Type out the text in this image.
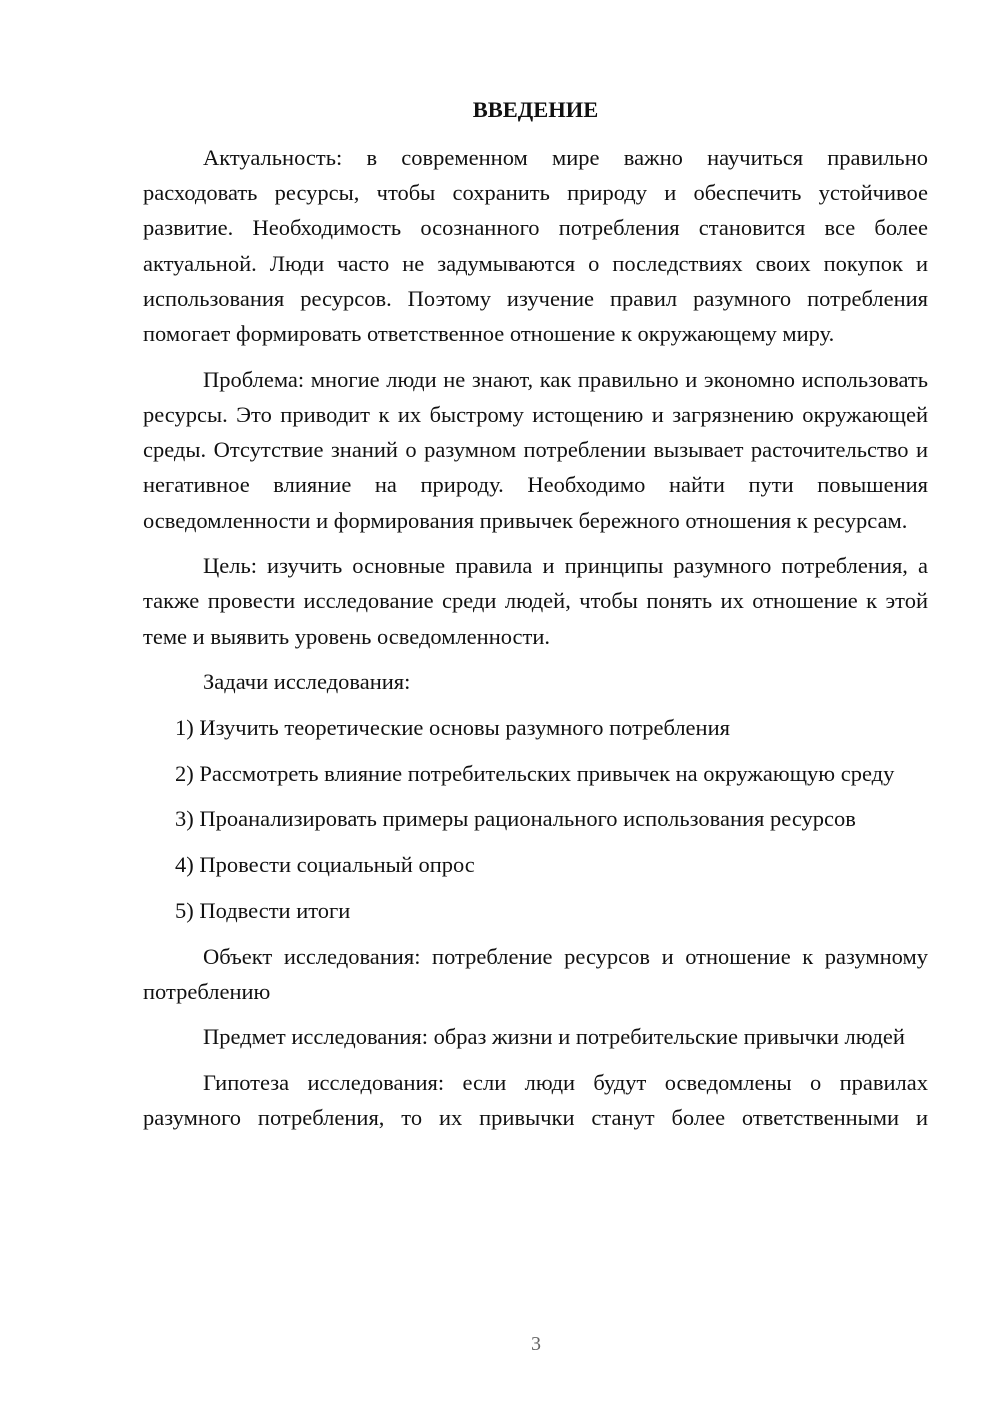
ВВЕДЕНИЕ

Актуальность: в современном мире важно научиться правильно расходовать ресурсы, чтобы сохранить природу и обеспечить устойчивое развитие. Необходимость осознанного потребления становится все более актуальной. Люди часто не задумываются о последствиях своих покупок и использования ресурсов. Поэтому изучение правил разумного потребления помогает формировать ответственное отношение к окружающему миру.

Проблема: многие люди не знают, как правильно и экономно использовать ресурсы. Это приводит к их быстрому истощению и загрязнению окружающей среды. Отсутствие знаний о разумном потреблении вызывает расточительство и негативное влияние на природу. Необходимо найти пути повышения осведомленности и формирования привычек бережного отношения к ресурсам.

Цель: изучить основные правила и принципы разумного потребления, а также провести исследование среди людей, чтобы понять их отношение к этой теме и выявить уровень осведомленности.

Задачи исследования:

1) Изучить теоретические основы разумного потребления

2) Рассмотреть влияние потребительских привычек на окружающую среду

3) Проанализировать примеры рационального использования ресурсов

4) Провести социальный опрос

5) Подвести итоги

Объект исследования: потребление ресурсов и отношение к разумному потреблению

Предмет исследования: образ жизни и потребительские привычки людей

Гипотеза исследования: если люди будут осведомлены о правилах разумного потребления, то их привычки станут более ответственными и

3
